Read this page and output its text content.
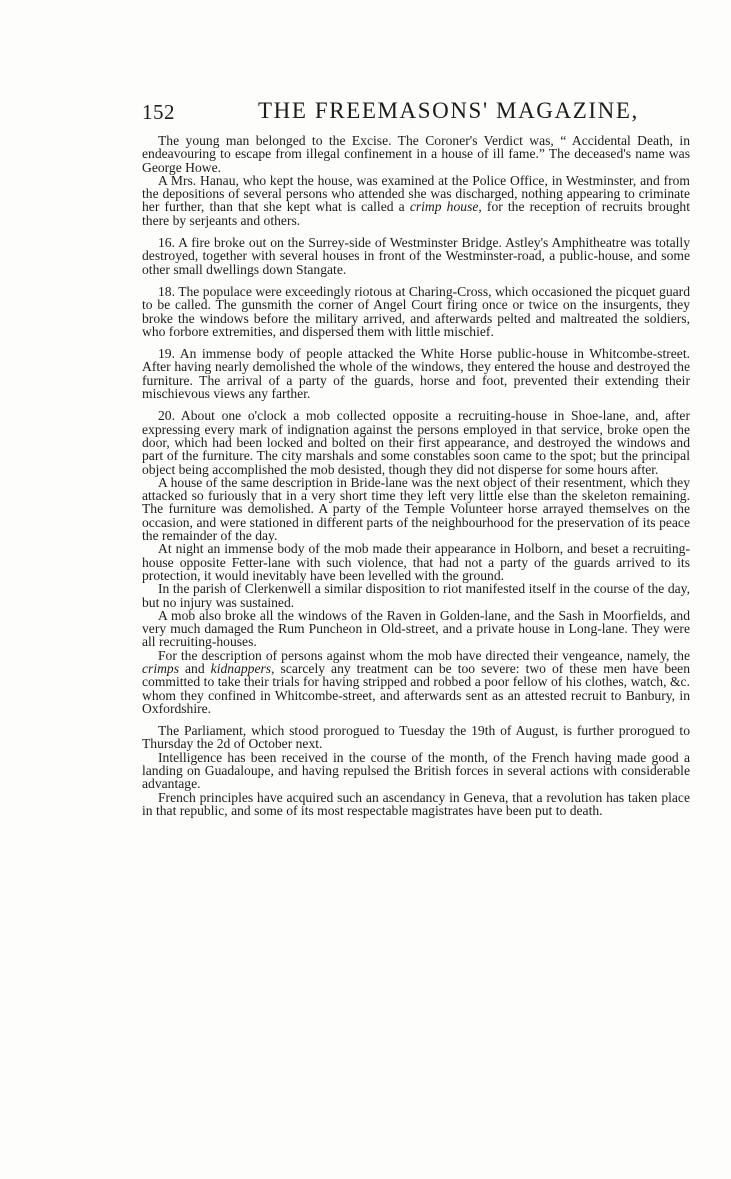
152	THE FREEMASONS' MAGAZINE,

The young man belonged to the Excise. The Coroner's Verdict was, “ Accidental Death, in endeavouring to escape from illegal confinement in a house of ill fame.” The deceased's name was George Howe.

A Mrs. Hanau, who kept the house, was examined at the Police Office, in Westminster, and from the depositions of several persons who attended she was discharged, nothing appearing to criminate her further, than that she kept what is called a crimp house, for the reception of recruits brought there by serjeants and others.

16. A fire broke out on the Surrey-side of Westminster Bridge. Astley's Amphitheatre was totally destroyed, together with several houses in front of the Westminster-road, a public-house, and some other small dwellings down Stangate.

18. The populace were exceedingly riotous at Charing-Cross, which occasioned the picquet guard to be called. The gunsmith the corner of Angel Court firing once or twice on the insurgents, they broke the windows before the military arrived, and afterwards pelted and maltreated the soldiers, who forbore extremities, and dispersed them with little mischief.

19. An immense body of people attacked the White Horse public-house in Whitcombe-street. After having nearly demolished the whole of the windows, they entered the house and destroyed the furniture. The arrival of a party of the guards, horse and foot, prevented their extending their mischievous views any farther.

20. About one o'clock a mob collected opposite a recruiting-house in Shoe-lane, and, after expressing every mark of indignation against the persons employed in that service, broke open the door, which had been locked and bolted on their first appearance, and destroyed the windows and part of the furniture. The city marshals and some constables soon came to the spot; but the principal object being accomplished the mob desisted, though they did not disperse for some hours after.

A house of the same description in Bride-lane was the next object of their resentment, which they attacked so furiously that in a very short time they left very little else than the skeleton remaining. The furniture was demolished. A party of the Temple Volunteer horse arrayed themselves on the occasion, and were stationed in different parts of the neighbourhood for the preservation of its peace the remainder of the day.

At night an immense body of the mob made their appearance in Holborn, and beset a recruiting-house opposite Fetter-lane with such violence, that had not a party of the guards arrived to its protection, it would inevitably have been levelled with the ground.

In the parish of Clerkenwell a similar disposition to riot manifested itself in the course of the day, but no injury was sustained.

A mob also broke all the windows of the Raven in Golden-lane, and the Sash in Moorfields, and very much damaged the Rum Puncheon in Old-street, and a private house in Long-lane. They were all recruiting-houses.

For the description of persons against whom the mob have directed their vengeance, namely, the crimps and kidnappers, scarcely any treatment can be too severe: two of these men have been committed to take their trials for having stripped and robbed a poor fellow of his clothes, watch, &c. whom they confined in Whitcombe-street, and afterwards sent as an attested recruit to Banbury, in Oxfordshire.

The Parliament, which stood prorogued to Tuesday the 19th of August, is further prorogued to Thursday the 2d of October next.

Intelligence has been received in the course of the month, of the French having made good a landing on Guadaloupe, and having repulsed the British forces in several actions with considerable advantage.

French principles have acquired such an ascendancy in Geneva, that a revolution has taken place in that republic, and some of its most respectable magistrates have been put to death.
